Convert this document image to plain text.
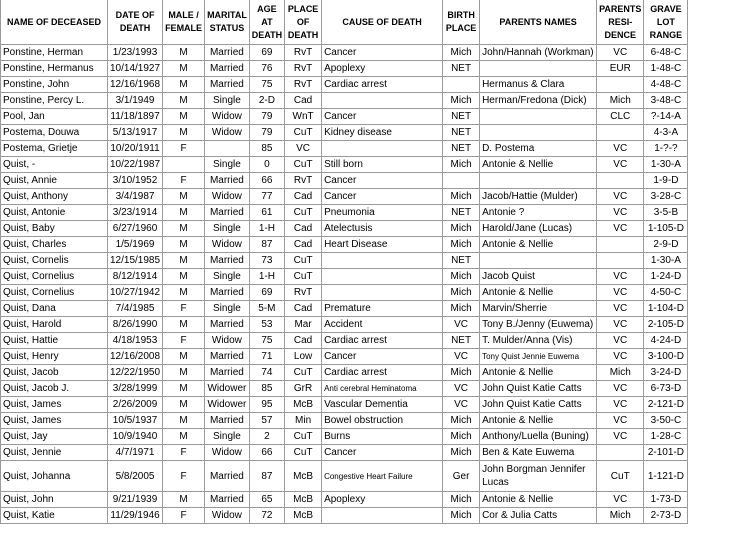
NAME OF DECEASED	DATE OF DEATH	MALE / FEMALE	MARITAL STATUS	AGE AT DEATH	PLACE OF DEATH	CAUSE OF DEATH	BIRTH PLACE	PARENTS NAMES	PARENTS RESI-DENCE	GRAVE LOT RANGE
Ponstine, Herman	1/23/1993	M	Married	69	RvT	Cancer	Mich	John/Hannah (Workman)	VC	6-48-C
Ponstine, Hermanus	10/14/1927	M	Married	76	RvT	Apoplexy	NET		EUR	1-48-C
Ponstine, John	12/16/1968	M	Married	75	RvT	Cardiac arrest		Hermanus & Clara		4-48-C
Ponstine, Percy L.	3/1/1949	M	Single	2-D	Cad		Mich	Herman/Fredona (Dick)	Mich	3-48-C
Pool, Jan	11/18/1897	M	Widow	79	WnT	Cancer	NET		CLC	?-14-A
Postema, Douwa	5/13/1917	M	Widow	79	CuT	Kidney disease	NET			4-3-A
Postema, Grietje	10/20/1911	F		85	VC		NET	D. Postema	VC	1-?-?
Quist, -	10/22/1987		Single	0	CuT	Still born	Mich	Antonie & Nellie	VC	1-30-A
Quist, Annie	3/10/1952	F	Married	66	RvT	Cancer				1-9-D
Quist, Anthony	3/4/1987	M	Widow	77	Cad	Cancer	Mich	Jacob/Hattie (Mulder)	VC	3-28-C
Quist, Antonie	3/23/1914	M	Married	61	CuT	Pneumonia	NET	Antonie ?	VC	3-5-B
Quist, Baby	6/27/1960	M	Single	1-H	Cad	Atelectusis	Mich	Harold/Jane (Lucas)	VC	1-105-D
Quist, Charles	1/5/1969	M	Widow	87	Cad	Heart Disease	Mich	Antonie & Nellie		2-9-D
Quist, Cornelis	12/15/1985	M	Married	73	CuT		NET			1-30-A
Quist, Cornelius	8/12/1914	M	Single	1-H	CuT		Mich	Jacob Quist	VC	1-24-D
Quist, Cornelius	10/27/1942	M	Married	69	RvT		Mich	Antonie & Nellie	VC	4-50-C
Quist, Dana	7/4/1985	F	Single	5-M	Cad	Premature	Mich	Marvin/Sherrie	VC	1-104-D
Quist, Harold	8/26/1990	M	Married	53	Mar	Accident	VC	Tony B./Jenny (Euwema)	VC	2-105-D
Quist, Hattie	4/18/1953	F	Widow	75	Cad	Cardiac arrest	NET	T. Mulder/Anna (Vis)	VC	4-24-D
Quist, Henry	12/16/2008	M	Married	71	Low	Cancer	VC	Tony Quist Jennie Euwema	VC	3-100-D
Quist, Jacob	12/22/1950	M	Married	74	CuT	Cardiac arrest	Mich	Antonie & Nellie	Mich	3-24-D
Quist, Jacob J.	3/28/1999	M	Widower	85	GrR	Anti cerebral Heminatoma	VC	John Quist Katie Catts	VC	6-73-D
Quist, James	2/26/2009	M	Widower	95	McB	Vascular Dementia	VC	John Quist Katie Catts	VC	2-121-D
Quist, James	10/5/1937	M	Married	57	Min	Bowel obstruction	Mich	Antonie & Nellie	VC	3-50-C
Quist, Jay	10/9/1940	M	Single	2	CuT	Burns	Mich	Anthony/Luella (Buning)	VC	1-28-C
Quist, Jennie	4/7/1971	F	Widow	66	CuT	Cancer	Mich	Ben & Kate Euwema		2-101-D
Quist, Johanna	5/8/2005	F	Married	87	McB	Congestive Heart Failure	Ger	John Borgman Jennifer Lucas	CuT	1-121-D
Quist, John	9/21/1939	M	Married	65	McB	Apoplexy	Mich	Antonie & Nellie	VC	1-73-D
Quist, Katie	11/29/1946	F	Widow	72	McB		Mich	Cor & Julia Catts	Mich	2-73-D
